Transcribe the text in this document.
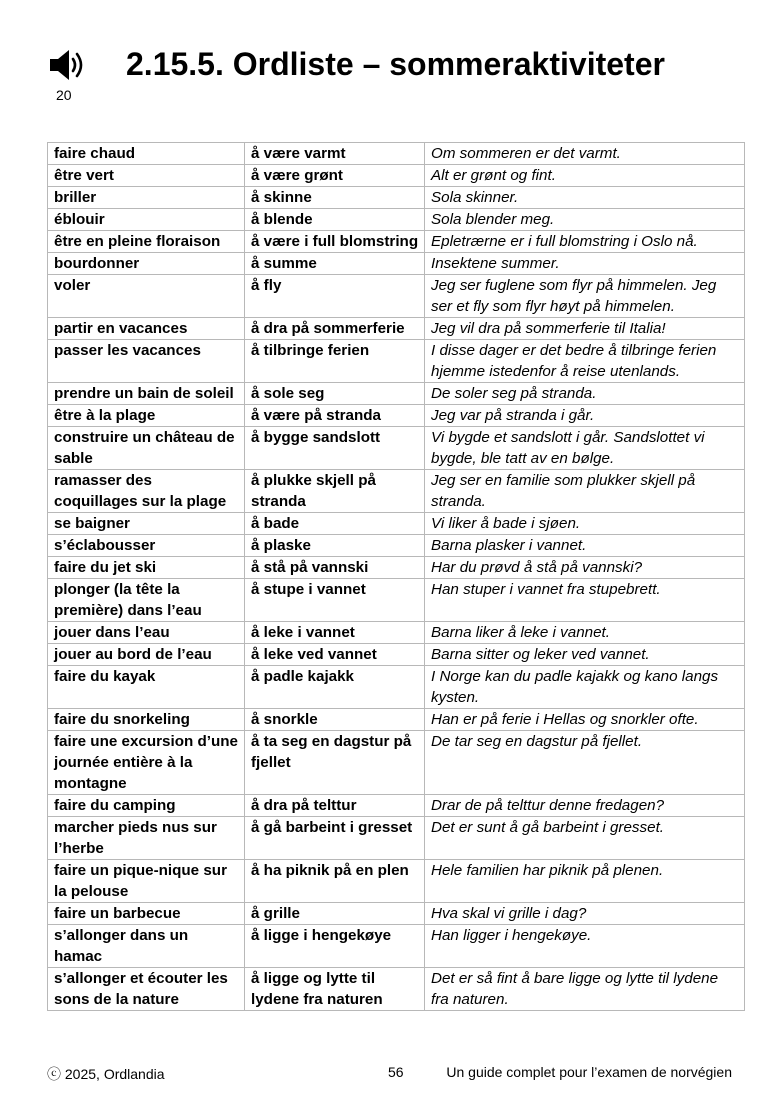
20
2.15.5. Ordliste – sommeraktiviteter
faire chaud	å være varmt	Om sommeren er det varmt.
être vert	å være grønt	Alt er grønt og fint.
briller	å skinne	Sola skinner.
éblouir	å blende	Sola blender meg.
être en pleine floraison	å være i full blomstring	Epletrærne er i full blomstring i Oslo nå.
bourdonner	å summe	Insektene summer.
voler	å fly	Jeg ser fuglene som flyr på himmelen. Jeg ser et fly som flyr høyt på himmelen.
partir en vacances	å dra på sommerferie	Jeg vil dra på sommerferie til Italia!
passer les vacances	å tilbringe ferien	I disse dager er det bedre å tilbringe ferien hjemme istedenfor å reise utenlands.
prendre un bain de soleil	å sole seg	De soler seg på stranda.
être à la plage	å være på stranda	Jeg var på stranda i går.
construire un château de sable	å bygge sandslott	Vi bygde et sandslott i går. Sandslottet vi bygde, ble tatt av en bølge.
ramasser des coquillages sur la plage	å plukke skjell på stranda	Jeg ser en familie som plukker skjell på stranda.
se baigner	å bade	Vi liker å bade i sjøen.
s’éclabousser	å plaske	Barna plasker i vannet.
faire du jet ski	å stå på vannski	Har du prøvd å stå på vannski?
plonger (la tête la première) dans l’eau	å stupe i vannet	Han stuper i vannet fra stupebrett.
jouer dans l’eau	å leke i vannet	Barna liker å leke i vannet.
jouer au bord de l’eau	å leke ved vannet	Barna sitter og leker ved vannet.
faire du kayak	å padle kajakk	I Norge kan du padle kajakk og kano langs kysten.
faire du snorkeling	å snorkle	Han er på ferie i Hellas og snorkler ofte.
faire une excursion d’une journée entière à la montagne	å ta seg en dagstur på fjellet	De tar seg en dagstur på fjellet.
faire du camping	å dra på telttur	Drar de på telttur denne fredagen?
marcher pieds nus sur l’herbe	å gå barbeint i gresset	Det er sunt å gå barbeint i gresset.
faire un pique-nique sur la pelouse	å ha piknik på en plen	Hele familien har piknik på plenen.
faire un barbecue	å grille	Hva skal vi grille i dag?
s’allonger dans un hamac	å ligge i hengekøye	Han ligger i hengekøye.
s’allonger et écouter les sons de la nature	å ligge og lytte til lydene fra naturen	Det er så fint å bare ligge og lytte til lydene fra naturen.
ⓒ 2025, Ordlandia	56	Un guide complet pour l’examen de norvégien
